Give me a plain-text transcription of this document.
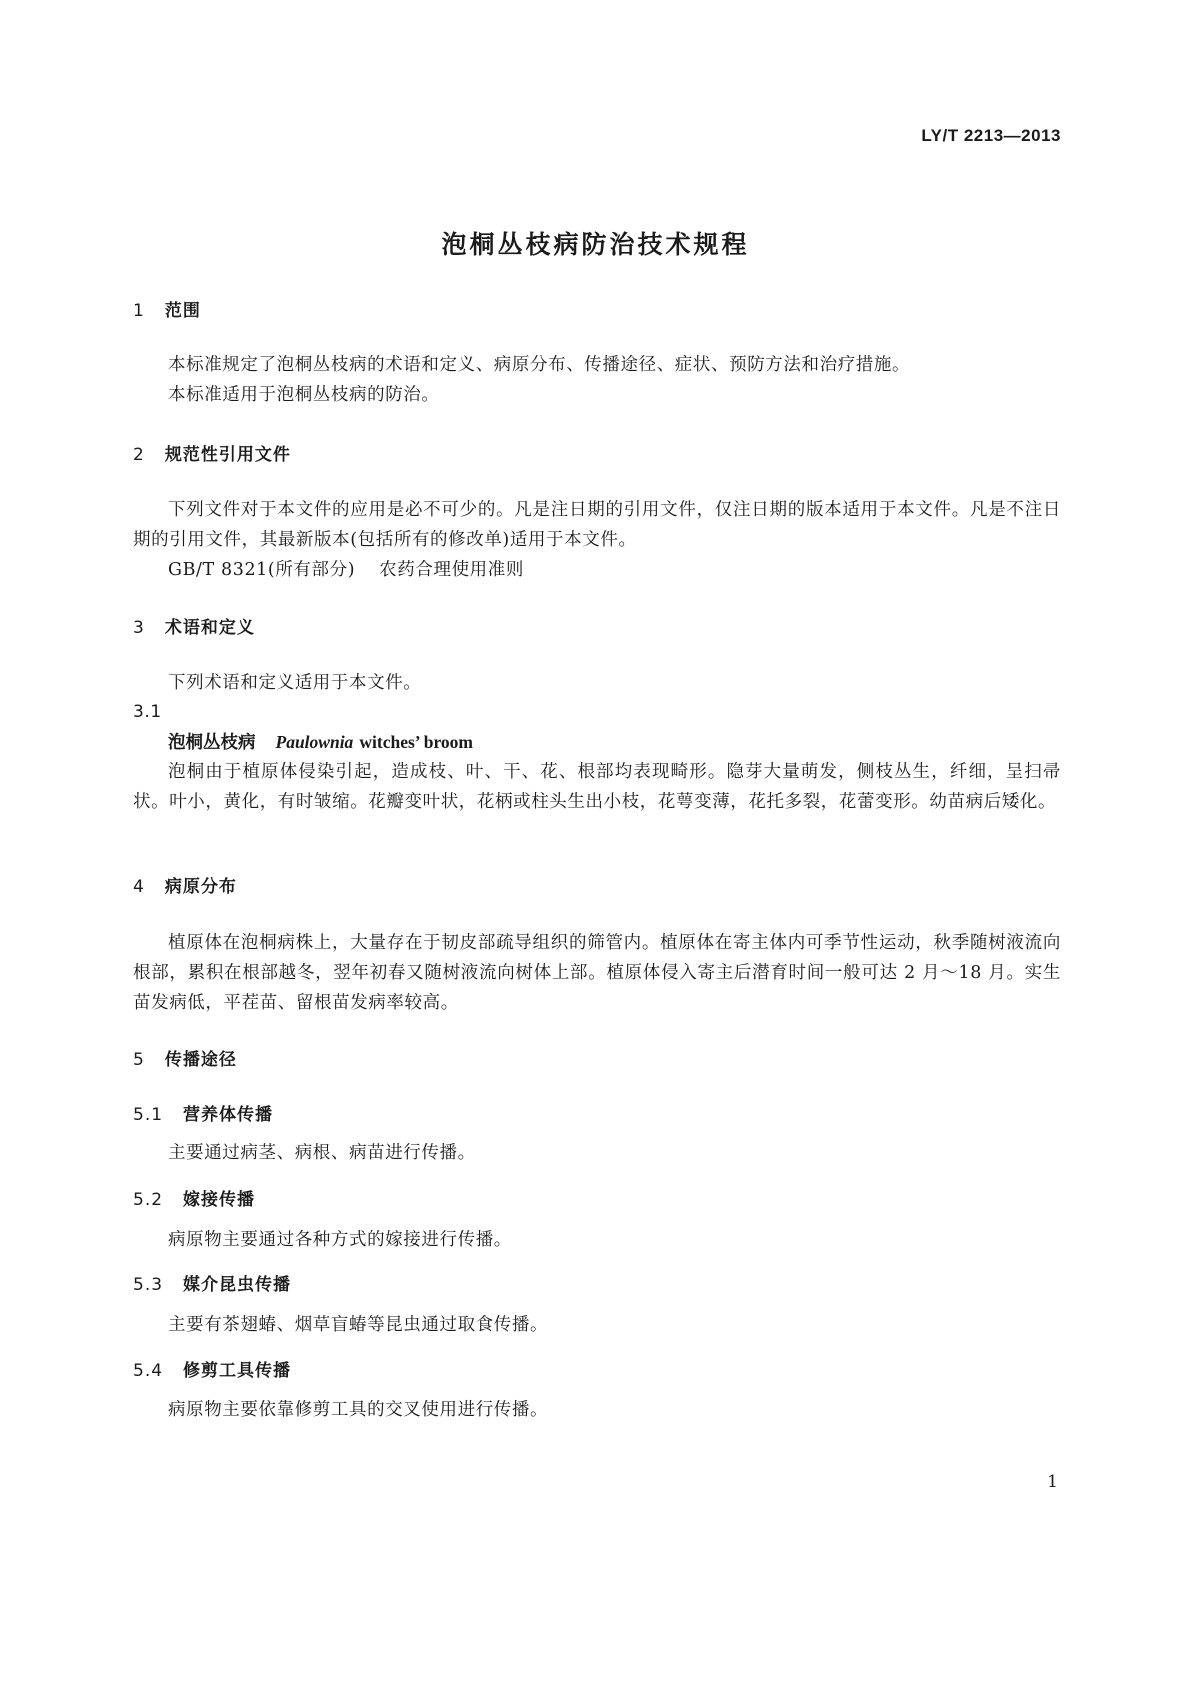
LY/T 2213—2013
泡桐丛枝病防治技术规程
1 范围
本标准规定了泡桐丛枝病的术语和定义、病原分布、传播途径、症状、预防方法和治疗措施。
本标准适用于泡桐丛枝病的防治。
2 规范性引用文件
下列文件对于本文件的应用是必不可少的。凡是注日期的引用文件，仅注日期的版本适用于本文件。凡是不注日期的引用文件，其最新版本(包括所有的修改单)适用于本文件。
GB/T 8321(所有部分) 农药合理使用准则
3 术语和定义
下列术语和定义适用于本文件。
3.1
泡桐丛枝病 Paulownia witches’ broom
泡桐由于植原体侵染引起，造成枝、叶、干、花、根部均表现畸形。隐芽大量萌发，侧枝丛生，纤细，呈扫帚状。叶小，黄化，有时皱缩。花瓣变叶状，花柄或柱头生出小枝，花萼变薄，花托多裂，花蕾变形。幼苗病后矮化。
4 病原分布
植原体在泡桐病株上，大量存在于韧皮部疏导组织的筛管内。植原体在寄主体内可季节性运动，秋季随树液流向根部，累积在根部越冬，翌年初春又随树液流向树体上部。植原体侵入寄主后潜育时间一般可达 2 月～18 月。实生苗发病低，平茬苗、留根苗发病率较高。
5 传播途径
5.1 营养体传播
主要通过病茎、病根、病苗进行传播。
5.2 嫁接传播
病原物主要通过各种方式的嫁接进行传播。
5.3 媒介昆虫传播
主要有茶翅蝽、烟草盲蝽等昆虫通过取食传播。
5.4 修剪工具传播
病原物主要依靠修剪工具的交叉使用进行传播。
1
